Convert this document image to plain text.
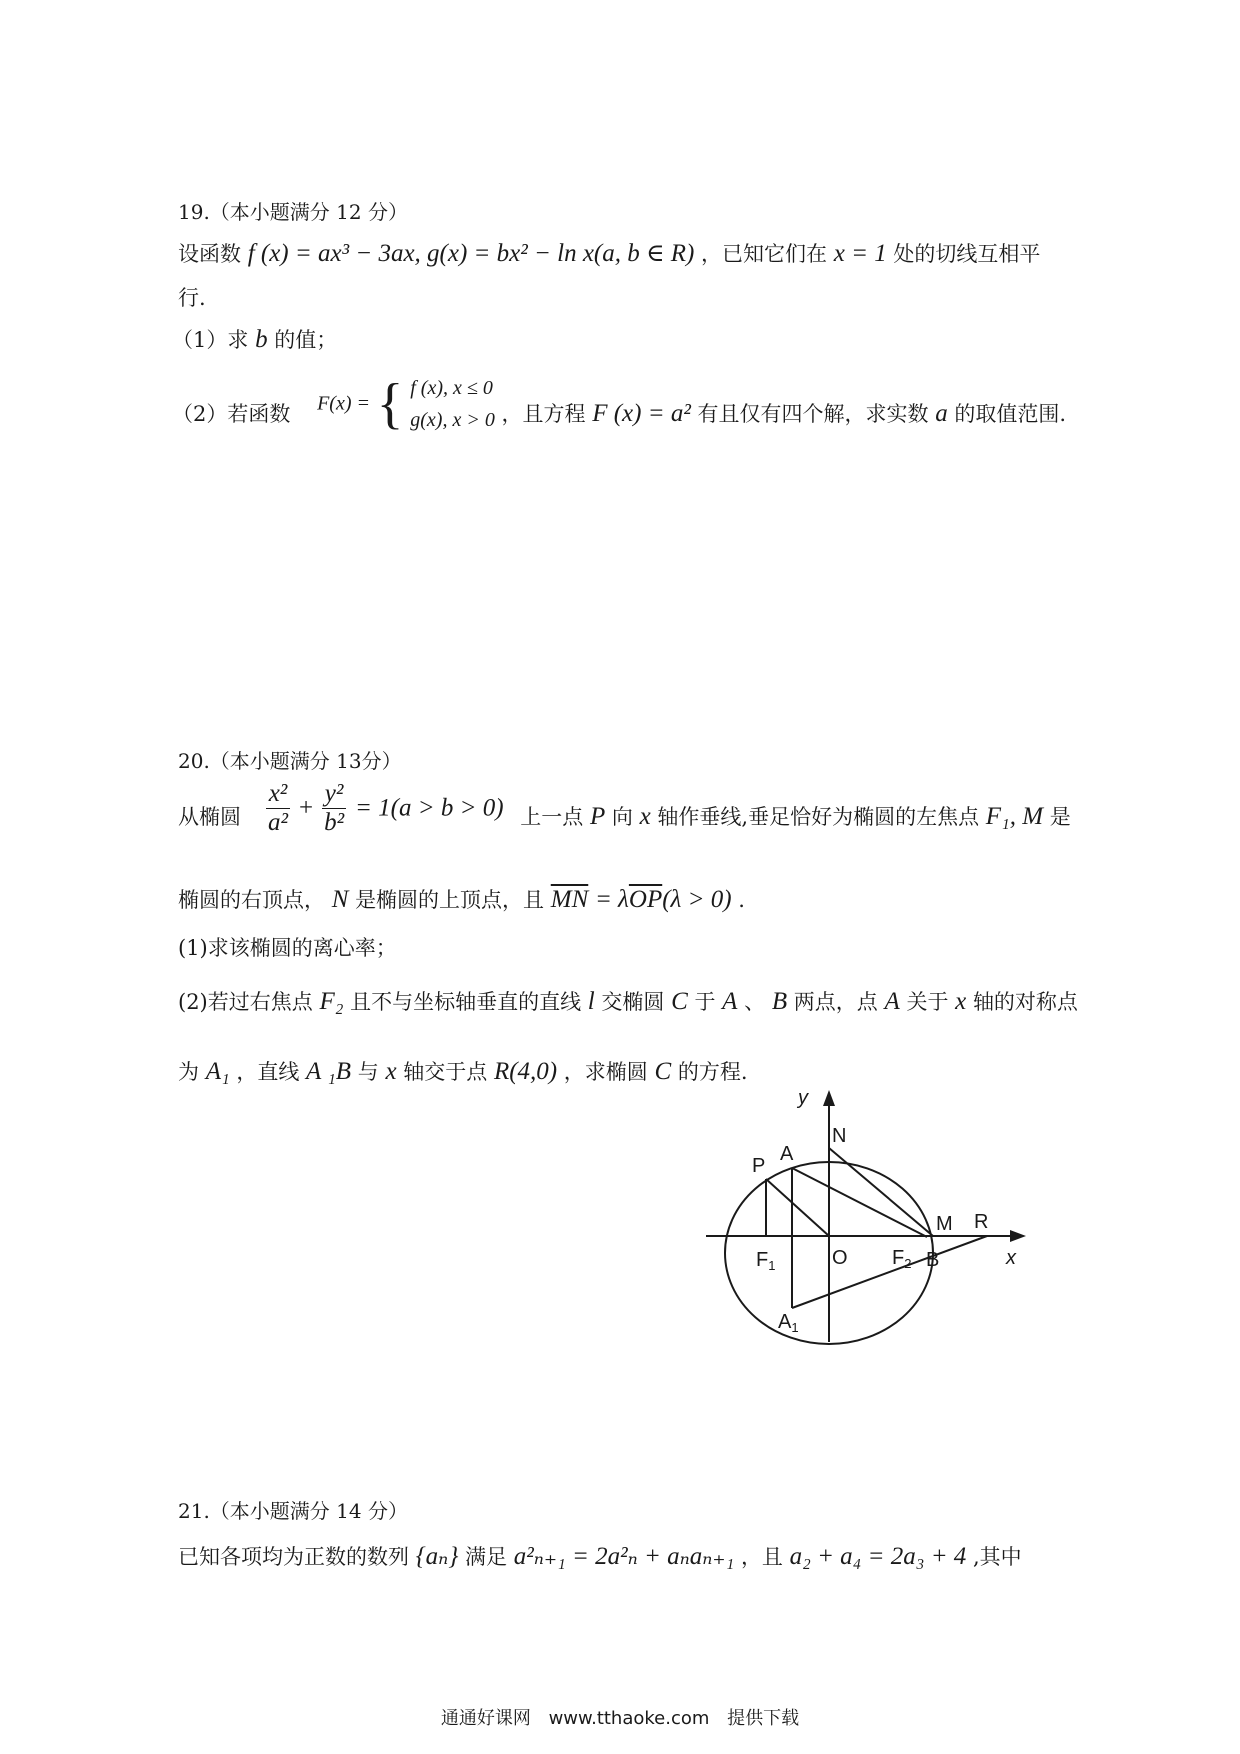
19.（本小题满分 12 分）
设函数 f (x) = ax³ − 3ax, g(x) = bx² − ln x(a, b ∈ R) ，已知它们在 x = 1 处的切线互相平
行.
（1）求 b 的值；
（2）若函数 F(x) = { f (x), x ≤ 0
g(x), x > 0 ，且方程 F (x) = a² 有且仅有四个解，求实数 a 的取值范围.
20.（本小题满分 13分）
从椭圆 $\frac{\text{x²}}{\text{a²}} + \frac{\text{y²}}{\text{b²}} = 1(a > b > 0)$ 上一点 P 向 x 轴作垂线,垂足恰好为椭圆的左焦点 F₁, M 是
椭圆的右顶点， N 是椭圆的上顶点，且 $\overline{MN} = \lambda\overline{OP}(\lambda > 0)$ .
(1)求该椭圆的离心率；
(2)若过右焦点 F₂ 且不与坐标轴垂直的直线 l 交椭圆 C 于 A 、 B 两点，点 A 关于 x 轴的对称点
为 A₁ ，直线 A ₁B 与 x 轴交于点 R(4,0) ，求椭圆 C 的方程.
y
x
P
A
N
M R
$F_1$	O $F_2$ B
$A_1$
21.（本小题满分 14 分）
已知各项均为正数的数列 {aₙ} 满足 a²ₙ₊₁ = 2a²ₙ + aₙaₙ₊₁ ，且 a₂ + a₄ = 2a₃ + 4 ,其中
通通好课网 www.tthaoke.com 提供下载
